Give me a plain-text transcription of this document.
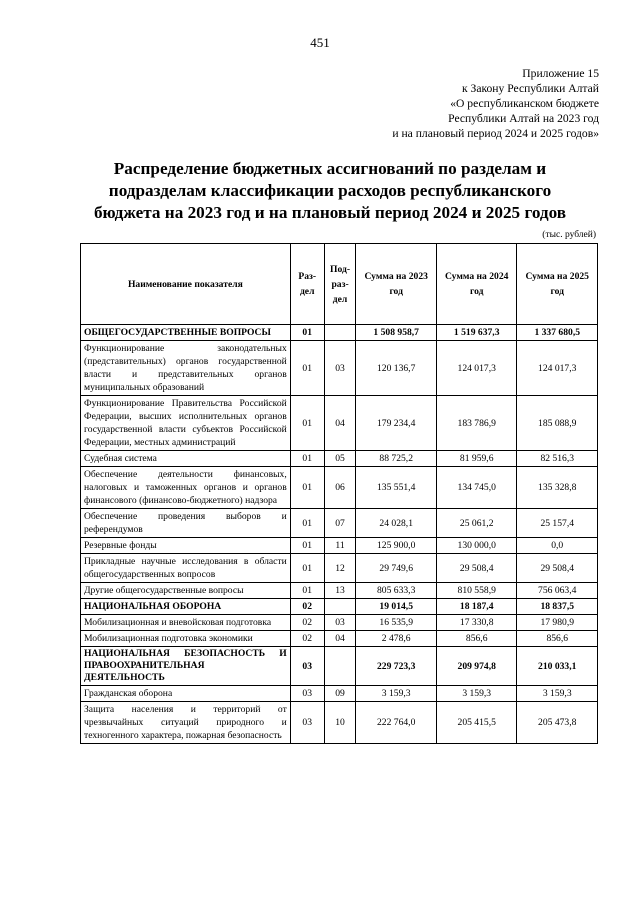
451
Приложение 15
к Закону Республики Алтай
«О республиканском бюджете
Республики Алтай на 2023 год
и на плановый период 2024 и 2025 годов»
Распределение бюджетных ассигнований по разделам и
подразделам классификации расходов республиканского
бюджета на 2023 год и на плановый период 2024 и 2025 годов
(тыс. рублей)
Наименование показателя	Раз-дел	Под-раз-дел	Сумма на 2023 год	Сумма на 2024 год	Сумма на 2025 год
ОБЩЕГОСУДАРСТВЕННЫЕ ВОПРОСЫ	01		1 508 958,7	1 519 637,3	1 337 680,5
Функционирование законодательных (представительных) органов государственной власти и представительных органов муниципальных образований	01	03	120 136,7	124 017,3	124 017,3
Функционирование Правительства Российской Федерации, высших исполнительных органов государственной власти субъектов Российской Федерации, местных администраций	01	04	179 234,4	183 786,9	185 088,9
Судебная система	01	05	88 725,2	81 959,6	82 516,3
Обеспечение деятельности финансовых, налоговых и таможенных органов и органов финансового (финансово-бюджетного) надзора	01	06	135 551,4	134 745,0	135 328,8
Обеспечение проведения выборов и референдумов	01	07	24 028,1	25 061,2	25 157,4
Резервные фонды	01	11	125 900,0	130 000,0	0,0
Прикладные научные исследования в области общегосударственных вопросов	01	12	29 749,6	29 508,4	29 508,4
Другие общегосударственные вопросы	01	13	805 633,3	810 558,9	756 063,4
НАЦИОНАЛЬНАЯ ОБОРОНА	02		19 014,5	18 187,4	18 837,5
Мобилизационная и вневойсковая подготовка	02	03	16 535,9	17 330,8	17 980,9
Мобилизационная подготовка экономики	02	04	2 478,6	856,6	856,6
НАЦИОНАЛЬНАЯ БЕЗОПАСНОСТЬ И ПРАВООХРАНИТЕЛЬНАЯ ДЕЯТЕЛЬНОСТЬ	03		229 723,3	209 974,8	210 033,1
Гражданская оборона	03	09	3 159,3	3 159,3	3 159,3
Защита населения и территорий от чрезвычайных ситуаций природного и техногенного характера, пожарная безопасность	03	10	222 764,0	205 415,5	205 473,8
